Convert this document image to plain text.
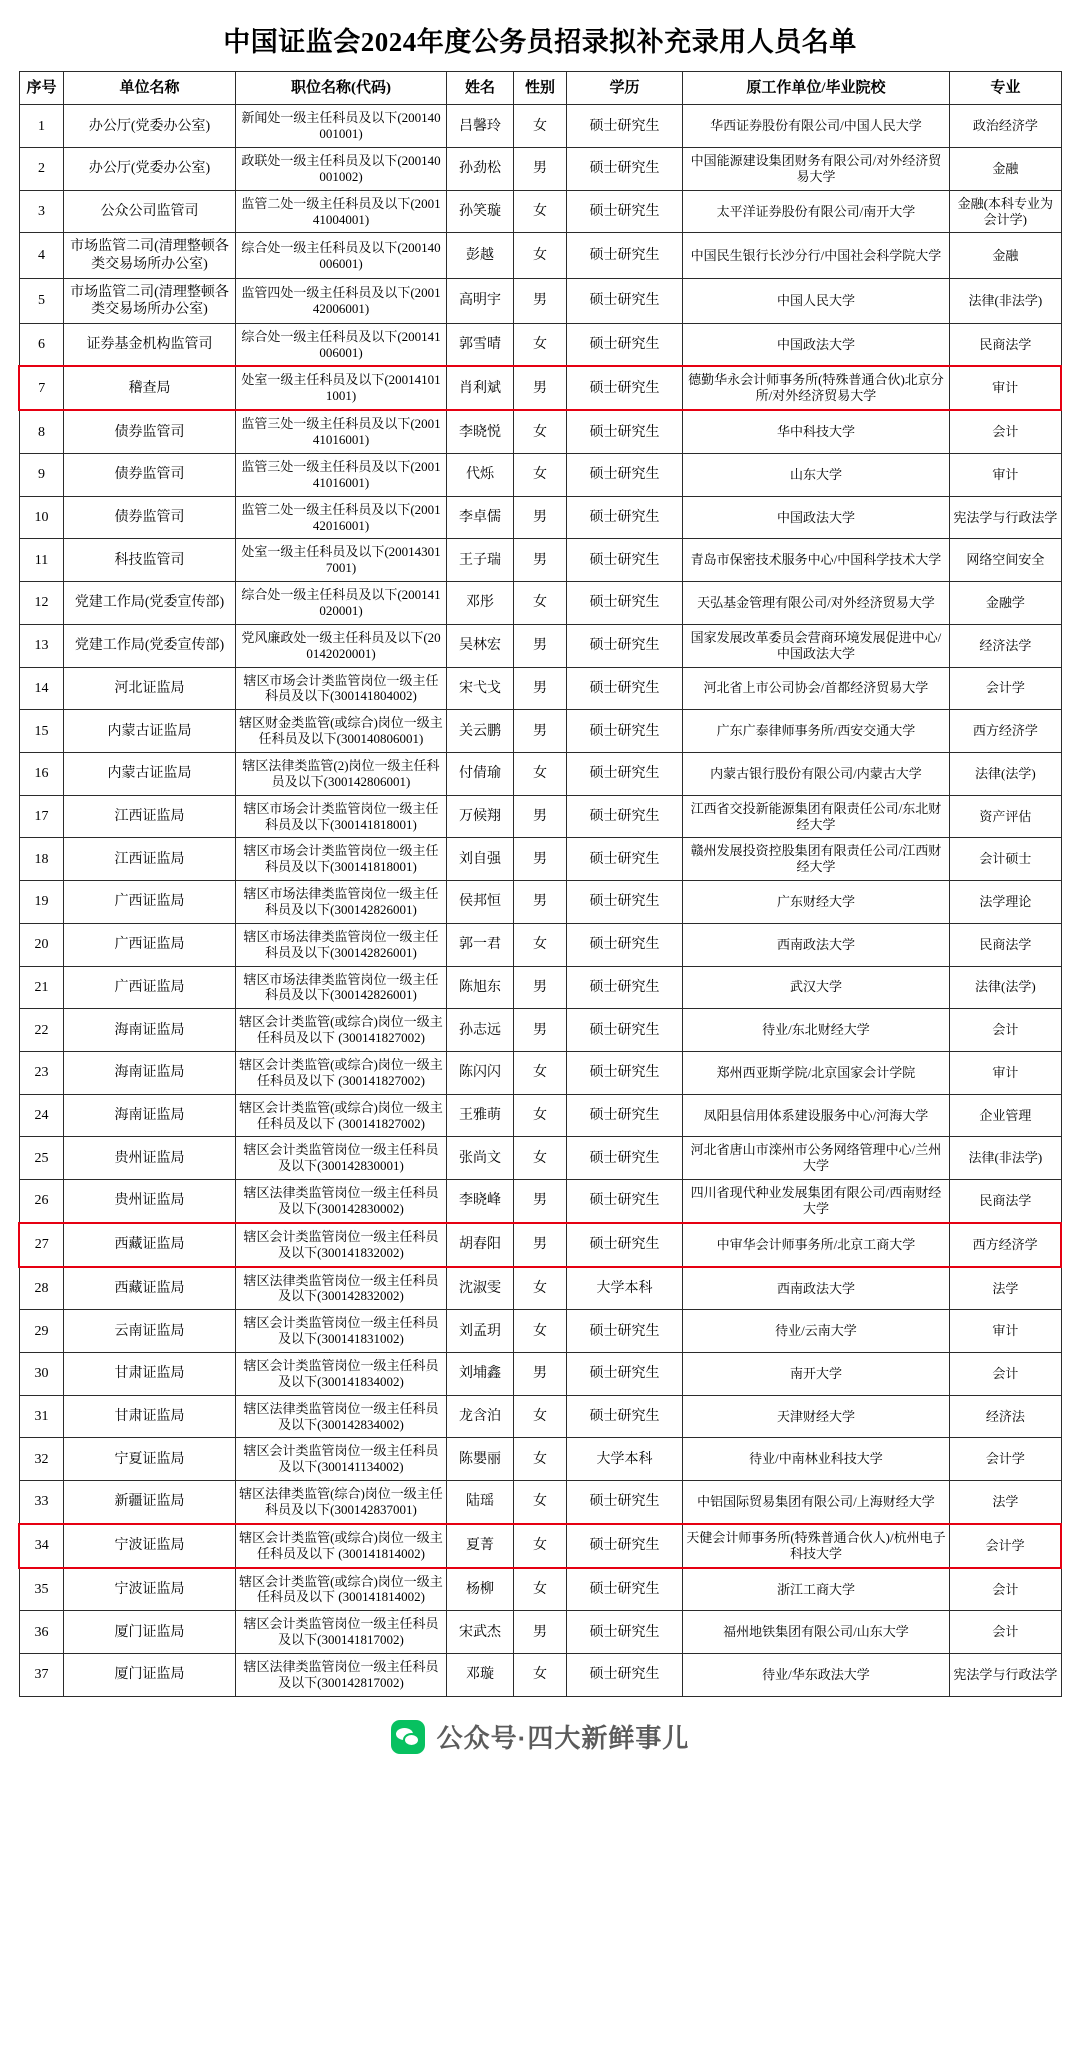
中国证监会2024年度公务员招录拟补充录用人员名单
序号	单位名称	职位名称(代码)	姓名	性别	学历	原工作单位/毕业院校	专业
1	办公厅(党委办公室)	新闻处一级主任科员及以下(200140001001)	吕馨玲	女	硕士研究生	华西证券股份有限公司/中国人民大学	政治经济学
2	办公厅(党委办公室)	政联处一级主任科员及以下(200140001002)	孙劲松	男	硕士研究生	中国能源建设集团财务有限公司/对外经济贸易大学	金融
3	公众公司监管司	监管二处一级主任科员及以下(200141004001)	孙笑璇	女	硕士研究生	太平洋证券股份有限公司/南开大学	金融(本科专业为会计学)
4	市场监管二司(清理整顿各类交易场所办公室)	综合处一级主任科员及以下(200140006001)	彭越	女	硕士研究生	中国民生银行长沙分行/中国社会科学院大学	金融
5	市场监管二司(清理整顿各类交易场所办公室)	监管四处一级主任科员及以下(200142006001)	高明宇	男	硕士研究生	中国人民大学	法律(非法学)
6	证券基金机构监管司	综合处一级主任科员及以下(200141006001)	郭雪晴	女	硕士研究生	中国政法大学	民商法学
7	稽查局	处室一级主任科员及以下(200141011001)	肖利斌	男	硕士研究生	德勤华永会计师事务所(特殊普通合伙)北京分所/对外经济贸易大学	审计
8	债券监管司	监管三处一级主任科员及以下(200141016001)	李晓悦	女	硕士研究生	华中科技大学	会计
9	债券监管司	监管三处一级主任科员及以下(200141016001)	代烁	女	硕士研究生	山东大学	审计
10	债券监管司	监管二处一级主任科员及以下(200142016001)	李卓儒	男	硕士研究生	中国政法大学	宪法学与行政法学
11	科技监管司	处室一级主任科员及以下(200143017001)	王子瑞	男	硕士研究生	青岛市保密技术服务中心/中国科学技术大学	网络空间安全
12	党建工作局(党委宣传部)	综合处一级主任科员及以下(200141020001)	邓彤	女	硕士研究生	天弘基金管理有限公司/对外经济贸易大学	金融学
13	党建工作局(党委宣传部)	党风廉政处一级主任科员及以下(200142020001)	吴林宏	男	硕士研究生	国家发展改革委员会营商环境发展促进中心/中国政法大学	经济法学
14	河北证监局	辖区市场会计类监管岗位一级主任科员及以下(300141804002)	宋弋戈	男	硕士研究生	河北省上市公司协会/首都经济贸易大学	会计学
15	内蒙古证监局	辖区财金类监管(或综合)岗位一级主任科员及以下(300140806001)	关云鹏	男	硕士研究生	广东广泰律师事务所/西安交通大学	西方经济学
16	内蒙古证监局	辖区法律类监管(2)岗位一级主任科员及以下(300142806001)	付倩瑜	女	硕士研究生	内蒙古银行股份有限公司/内蒙古大学	法律(法学)
17	江西证监局	辖区市场会计类监管岗位一级主任科员及以下(300141818001)	万候翔	男	硕士研究生	江西省交投新能源集团有限责任公司/东北财经大学	资产评估
18	江西证监局	辖区市场会计类监管岗位一级主任科员及以下(300141818001)	刘自强	男	硕士研究生	赣州发展投资控股集团有限责任公司/江西财经大学	会计硕士
19	广西证监局	辖区市场法律类监管岗位一级主任科员及以下(300142826001)	侯邦恒	男	硕士研究生	广东财经大学	法学理论
20	广西证监局	辖区市场法律类监管岗位一级主任科员及以下(300142826001)	郭一君	女	硕士研究生	西南政法大学	民商法学
21	广西证监局	辖区市场法律类监管岗位一级主任科员及以下(300142826001)	陈旭东	男	硕士研究生	武汉大学	法律(法学)
22	海南证监局	辖区会计类监管(或综合)岗位一级主任科员及以下 (300141827002)	孙志远	男	硕士研究生	待业/东北财经大学	会计
23	海南证监局	辖区会计类监管(或综合)岗位一级主任科员及以下 (300141827002)	陈闪闪	女	硕士研究生	郑州西亚斯学院/北京国家会计学院	审计
24	海南证监局	辖区会计类监管(或综合)岗位一级主任科员及以下 (300141827002)	王雅萌	女	硕士研究生	凤阳县信用体系建设服务中心/河海大学	企业管理
25	贵州证监局	辖区会计类监管岗位一级主任科员及以下(300142830001)	张尚文	女	硕士研究生	河北省唐山市滦州市公务网络管理中心/兰州大学	法律(非法学)
26	贵州证监局	辖区法律类监管岗位一级主任科员及以下(300142830002)	李晓峰	男	硕士研究生	四川省现代种业发展集团有限公司/西南财经大学	民商法学
27	西藏证监局	辖区会计类监管岗位一级主任科员及以下(300141832002)	胡春阳	男	硕士研究生	中审华会计师事务所/北京工商大学	西方经济学
28	西藏证监局	辖区法律类监管岗位一级主任科员及以下(300142832002)	沈淑雯	女	大学本科	西南政法大学	法学
29	云南证监局	辖区会计类监管岗位一级主任科员及以下(300141831002)	刘孟玥	女	硕士研究生	待业/云南大学	审计
30	甘肃证监局	辖区会计类监管岗位一级主任科员及以下(300141834002)	刘埔鑫	男	硕士研究生	南开大学	会计
31	甘肃证监局	辖区法律类监管岗位一级主任科员及以下(300142834002)	龙含泊	女	硕士研究生	天津财经大学	经济法
32	宁夏证监局	辖区会计类监管岗位一级主任科员及以下(300141134002)	陈嬰丽	女	大学本科	待业/中南林业科技大学	会计学
33	新疆证监局	辖区法律类监管(综合)岗位一级主任科员及以下(300142837001)	陆瑶	女	硕士研究生	中铝国际贸易集团有限公司/上海财经大学	法学
34	宁波证监局	辖区会计类监管(或综合)岗位一级主任科员及以下 (300141814002)	夏菁	女	硕士研究生	天健会计师事务所(特殊普通合伙人)/杭州电子科技大学	会计学
35	宁波证监局	辖区会计类监管(或综合)岗位一级主任科员及以下 (300141814002)	杨柳	女	硕士研究生	浙江工商大学	会计
36	厦门证监局	辖区会计类监管岗位一级主任科员及以下(300141817002)	宋武杰	男	硕士研究生	福州地铁集团有限公司/山东大学	会计
37	厦门证监局	辖区法律类监管岗位一级主任科员及以下(300142817002)	邓璇	女	硕士研究生	待业/华东政法大学	宪法学与行政法学
公众号·四大新鲜事儿
